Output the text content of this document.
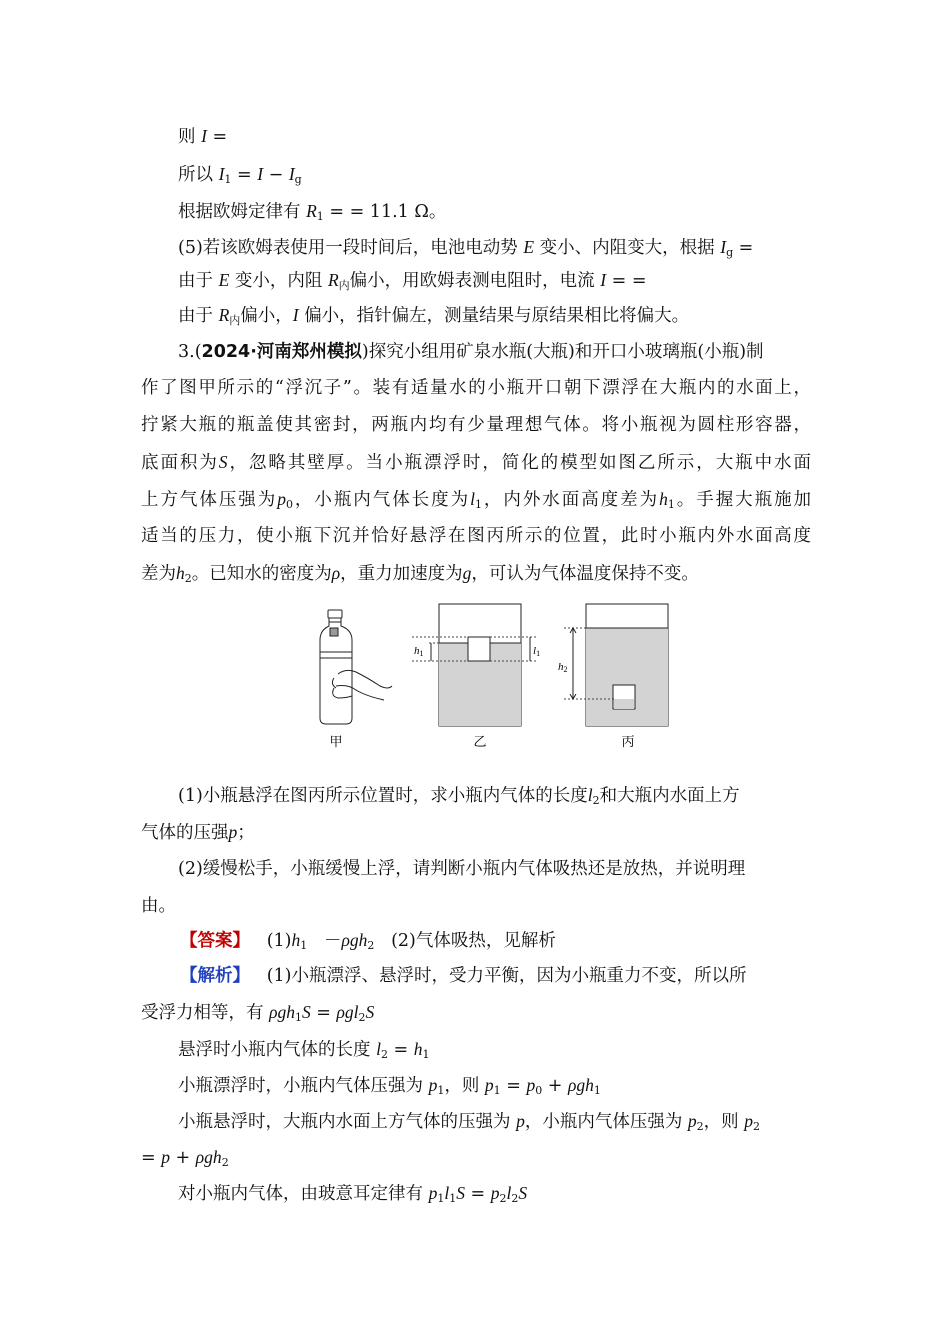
则 I =
所以 $I_1 = I - I_g$
根据欧姆定律有 $R_1$ = = 11.1 Ω。
(5)若该欧姆表使用一段时间后，电池电动势 E 变小、内阻变大，根据 $I_g$ =
由于 E 变小，内阻 $R_内$偏小，用欧姆表测电阻时，电流 I = =
由于 $R_内$偏小，I 偏小，指针偏左，测量结果与原结果相比将偏大。
3.(2024·河南郑州模拟)探究小组用矿泉水瓶(大瓶)和开口小玻璃瓶(小瓶)制
作了图甲所示的“浮沉子”。装有适量水的小瓶开口朝下漂浮在大瓶内的水面上，
拧紧大瓶的瓶盖使其密封，两瓶内均有少量理想气体。将小瓶视为圆柱形容器，
底面积为S，忽略其壁厚。当小瓶漂浮时，简化的模型如图乙所示，大瓶中水面
上方气体压强为$p_0$，小瓶内气体长度为$l_1$，内外水面高度差为$h_1$。手握大瓶施加
适当的压力，使小瓶下沉并恰好悬浮在图丙所示的位置，此时小瓶内外水面高度
差为$h_2$。已知水的密度为ρ，重力加速度为g，可认为气体温度保持不变。
甲
h1	l1
乙
h2
丙
(1)小瓶悬浮在图丙所示位置时，求小瓶内气体的长度$l_2$和大瓶内水面上方
气体的压强p；
(2)缓慢松手，小瓶缓慢上浮，请判断小瓶内气体吸热还是放热，并说明理
由。
【答案】 $(1)h_1 -\rho gh_2$ (2)气体吸热，见解析
【解析】 (1)小瓶漂浮、悬浮时，受力平衡，因为小瓶重力不变，所以所
受浮力相等，有 ρgh$_1$S = ρgl$_2$S
悬浮时小瓶内气体的长度 $l_2 = h_1$
小瓶漂浮时，小瓶内气体压强为 $p_1$，则 $p_1 = p_0 + \rho gh_1$
小瓶悬浮时，大瓶内水面上方气体的压强为 p，小瓶内气体压强为 $p_2$，则 $p_2$
= p + ρgh$_2$
对小瓶内气体，由玻意耳定律有 $p_1l_1S = p_2l_2S$
